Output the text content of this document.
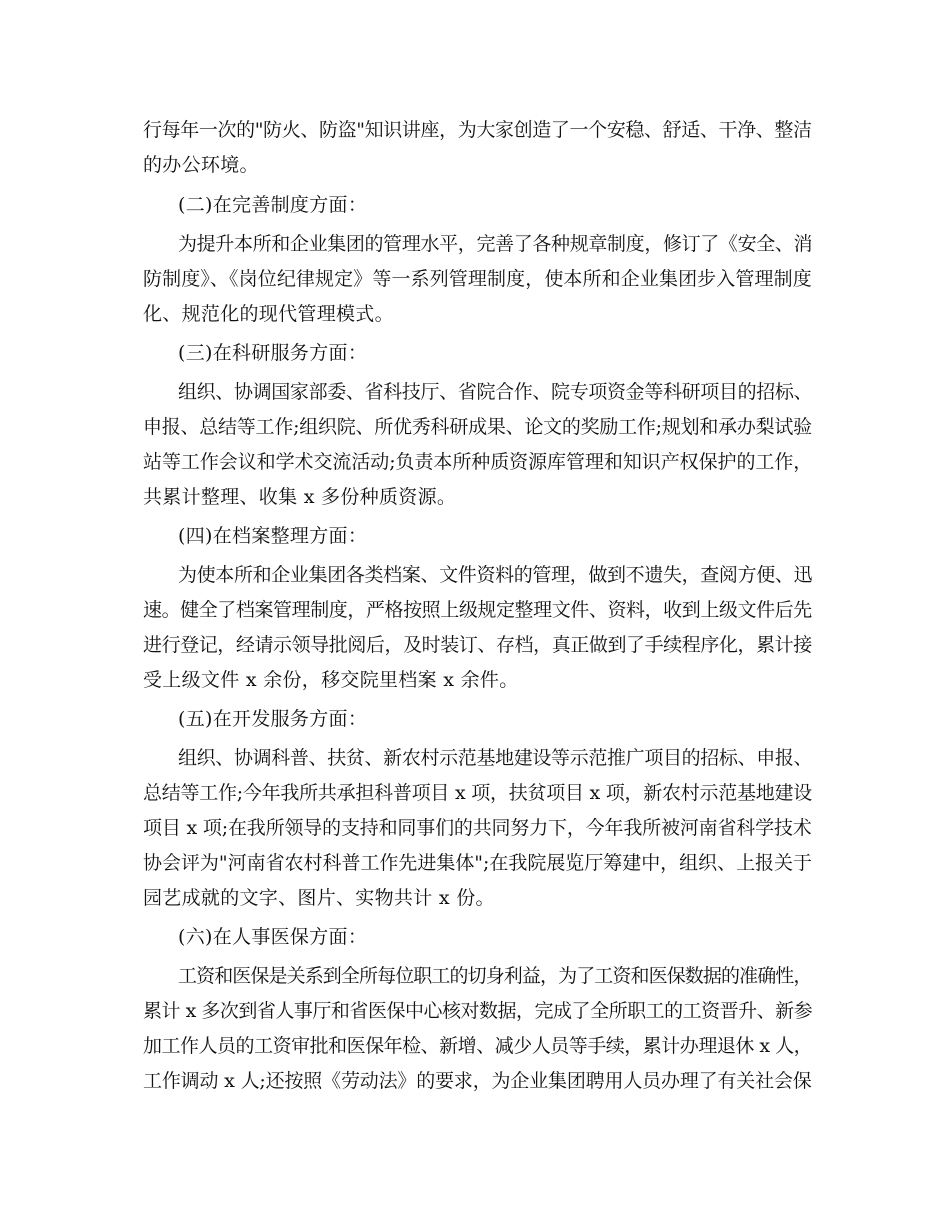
行每年一次的"防火、防盗"知识讲座，为大家创造了一个安稳、舒适、干净、整洁
的办公环境。
(二)在完善制度方面：
为提升本所和企业集团的管理水平，完善了各种规章制度，修订了《安全、消
防制度》、《岗位纪律规定》等一系列管理制度，使本所和企业集团步入管理制度
化、规范化的现代管理模式。
(三)在科研服务方面：
组织、协调国家部委、省科技厅、省院合作、院专项资金等科研项目的招标、
申报、总结等工作;组织院、所优秀科研成果、论文的奖励工作;规划和承办梨试验
站等工作会议和学术交流活动;负责本所种质资源库管理和知识产权保护的工作，
共累计整理、收集 x 多份种质资源。
(四)在档案整理方面：
为使本所和企业集团各类档案、文件资料的管理，做到不遗失，查阅方便、迅
速。健全了档案管理制度，严格按照上级规定整理文件、资料，收到上级文件后先
进行登记，经请示领导批阅后，及时装订、存档，真正做到了手续程序化，累计接
受上级文件 x 余份，移交院里档案 x 余件。
(五)在开发服务方面：
组织、协调科普、扶贫、新农村示范基地建设等示范推广项目的招标、申报、
总结等工作;今年我所共承担科普项目 x 项，扶贫项目 x 项，新农村示范基地建设
项目 x 项;在我所领导的支持和同事们的共同努力下，今年我所被河南省科学技术
协会评为"河南省农村科普工作先进集体";在我院展览厅筹建中，组织、上报关于
园艺成就的文字、图片、实物共计 x 份。
(六)在人事医保方面：
工资和医保是关系到全所每位职工的切身利益，为了工资和医保数据的准确性，
累计 x 多次到省人事厅和省医保中心核对数据，完成了全所职工的工资晋升、新参
加工作人员的工资审批和医保年检、新增、减少人员等手续，累计办理退休 x 人，
工作调动 x 人;还按照《劳动法》的要求，为企业集团聘用人员办理了有关社会保
